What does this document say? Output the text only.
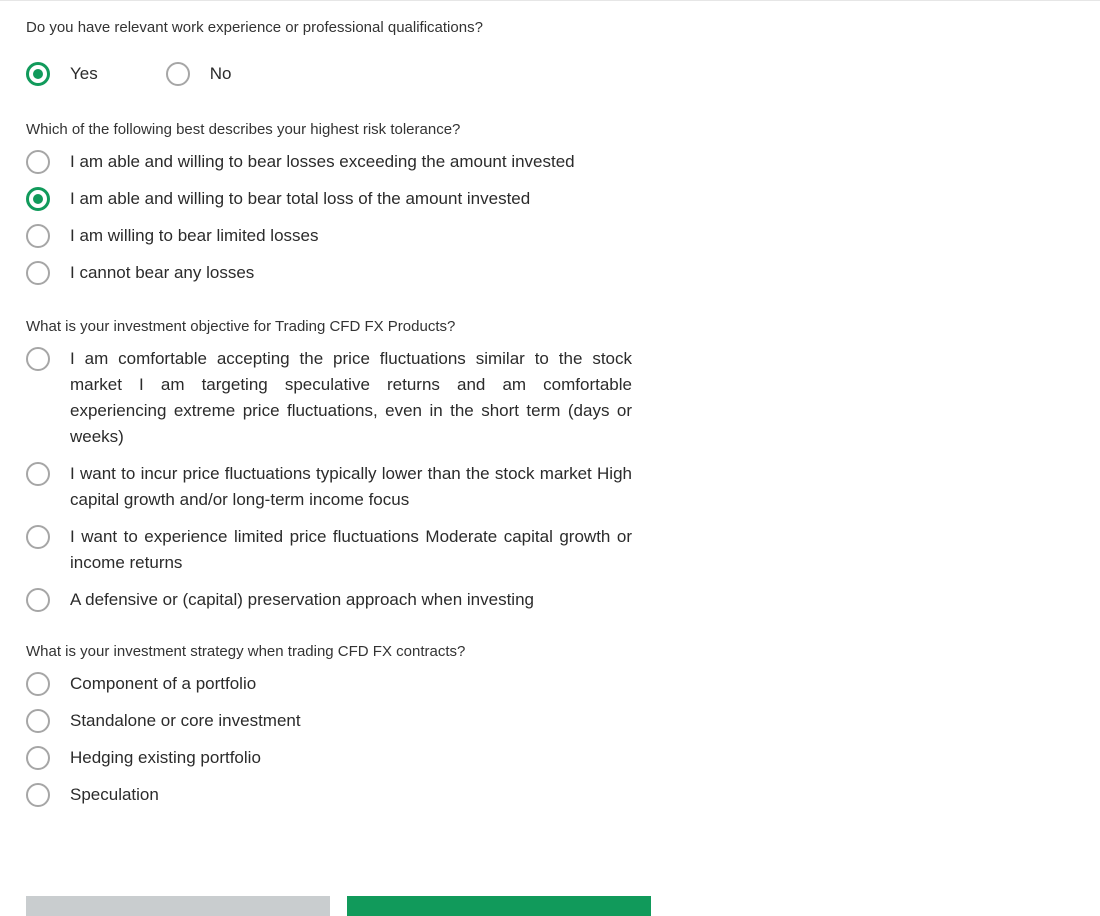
Do you have relevant work experience or professional qualifications?

Yes	No

Which of the following best describes your highest risk tolerance?

I am able and willing to bear losses exceeding the amount invested
I am able and willing to bear total loss of the amount invested
I am willing to bear limited losses
I cannot bear any losses

What is your investment objective for Trading CFD FX Products?

I am comfortable accepting the price fluctuations similar to the stock market I am targeting speculative returns and am comfortable experiencing extreme price fluctuations, even in the short term (days or weeks)
I want to incur price fluctuations typically lower than the stock market High capital growth and/or long-term income focus
I want to experience limited price fluctuations Moderate capital growth or income returns
A defensive or (capital) preservation approach when investing

What is your investment strategy when trading CFD FX contracts?

Component of a portfolio
Standalone or core investment
Hedging existing portfolio
Speculation
